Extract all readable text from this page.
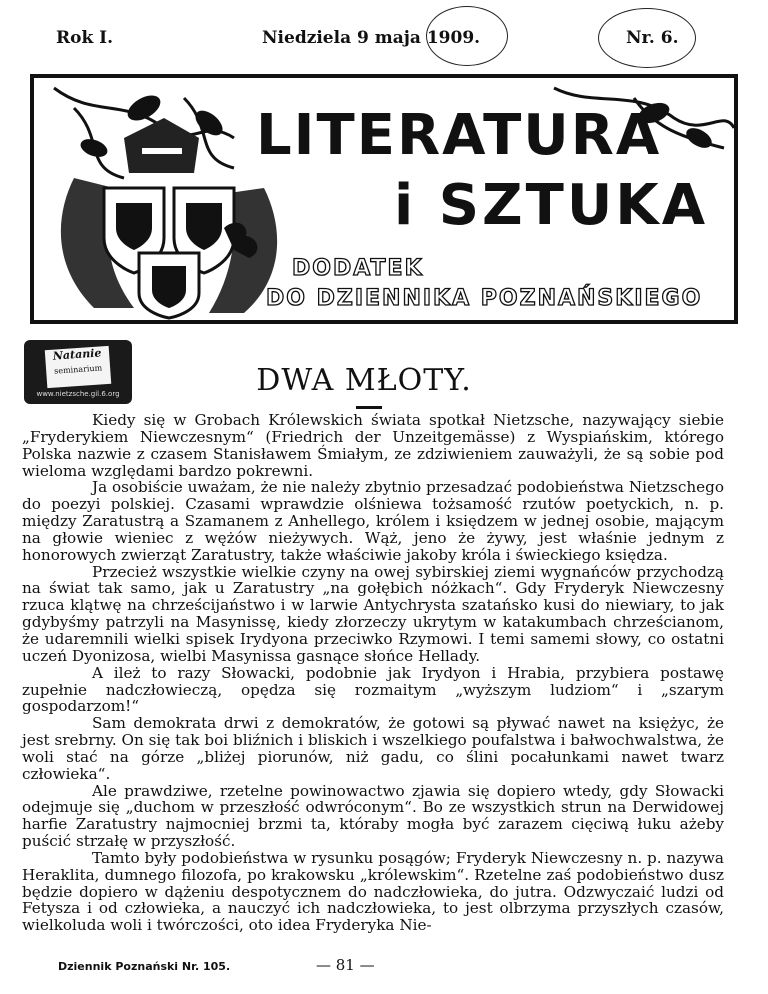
Rok I.	Niedziela 9 maja 1909.	Nr. 6.
LITERATURA
i SZTUKA
DODATEK
DO DZIENNIKA POZNAŃSKIEGO
Natanie
seminarium
www.nietzsche.gil.6.org	DWA MŁOTY.

Kiedy się w Grobach Królewskich świata spotkał Nietzsche, nazywający siebie „Fryderykiem Niewczesnym“ (Friedrich der Unzeitgemässe) z Wyspiańskim, którego Polska nazwie z czasem Stanisławem Śmiałym, ze zdziwieniem zauważyli, że są sobie pod wieloma względami bardzo pokrewni.

Ja osobiście uważam, że nie należy zbytnio przesadzać podobieństwa Nietzschego do poezyi polskiej. Czasami wprawdzie olśniewa tożsamość rzutów poetyckich, n. p. między Zaratustrą a Szamanem z Anhellego, królem i księdzem w jednej osobie, mającym na głowie wieniec z wężów nieżywych. Wąż, jeno że żywy, jest właśnie jednym z honorowych zwierząt Zaratustry, także właściwie jakoby króla i świeckiego księdza.

Przecież wszystkie wielkie czyny na owej sybirskiej ziemi wygnańców przychodzą na świat tak samo, jak u Zaratustry „na gołębich nóżkach“. Gdy Fryderyk Niewczesny rzuca klątwę na chrześcijaństwo i w larwie Antychrysta szatańsko kusi do niewiary, to jak gdybyśmy patrzyli na Masynissę, kiedy złorzeczy ukrytym w katakumbach chrześcianom, że udaremnili wielki spisek Irydyona przeciwko Rzymowi. I temi samemi słowy, co ostatni uczeń Dyonizosa, wielbi Masynissa gasnące słońce Hellady.

A ileż to razy Słowacki, podobnie jak Irydyon i Hrabia, przybiera postawę zupełnie nadczłowieczą, opędza się rozmaitym „wyższym ludziom“ i „szarym gospodarzom!“

Sam demokrata drwi z demokratów, że gotowi są pływać nawet na księżyc, że jest srebrny. On się tak boi bliźnich i bliskich i wszelkiego poufalstwa i bałwochwalstwa, że woli stać na górze „bliżej piorunów, niż gadu, co ślini pocałunkami nawet twarz człowieka“.

Ale prawdziwe, rzetelne powinowactwo zjawia się dopiero wtedy, gdy Słowacki odejmuje się „duchom w przeszłość odwróconym“. Bo ze wszystkich strun na Derwidowej harfie Zaratustry najmocniej brzmi ta, któraby mogła być zarazem cięciwą łuku ażeby puścić strzałę w przyszłość.

Tamto były podobieństwa w rysunku posągów; Fryderyk Niewczesny n. p. nazywa Heraklita, dumnego filozofa, po krakowsku „królewskim“. Rzetelne zaś podobieństwo dusz będzie dopiero w dążeniu despotycznem do nadczłowieka, do jutra. Odzwyczaić ludzi od Fetysza i od człowieka, a nauczyć ich nadczłowieka, to jest olbrzyma przyszłych czasów, wielkoluda woli i twórczości, oto idea Fryderyka Nie-

Dziennik Poznański Nr. 105.	— 81 —
